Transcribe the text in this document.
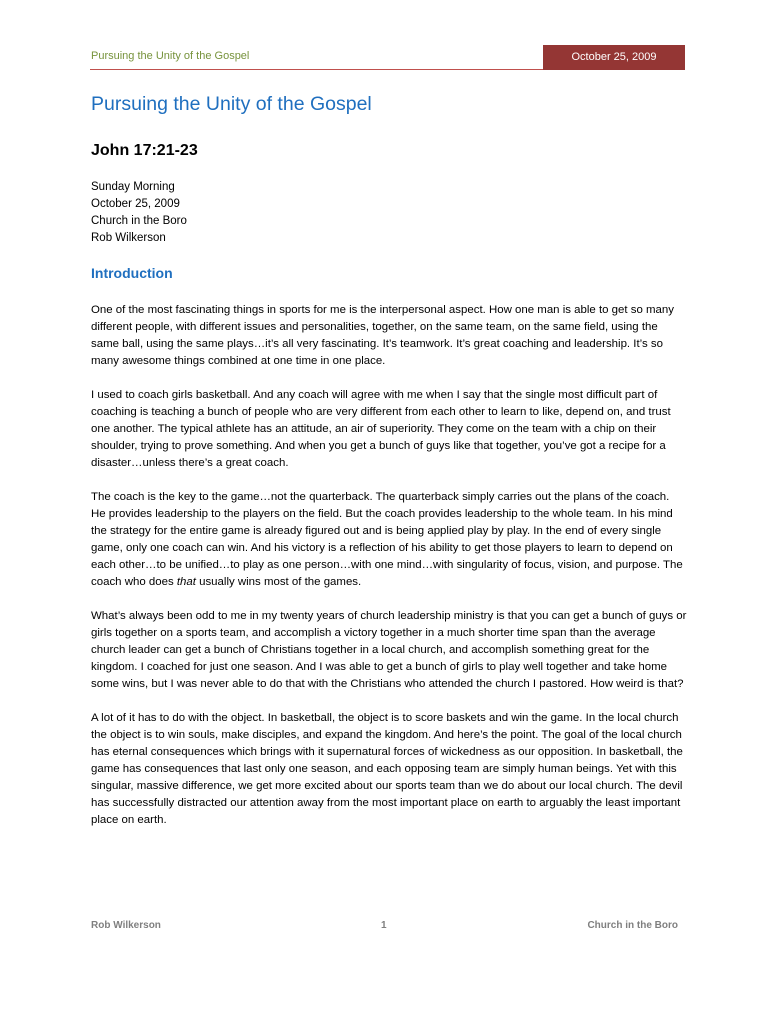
Pursuing the Unity of the Gospel	October 25, 2009
Pursuing the Unity of the Gospel
John 17:21-23
Sunday Morning
October 25, 2009
Church in the Boro
Rob Wilkerson
Introduction

One of the most fascinating things in sports for me is the interpersonal aspect. How one man is able to get so many different people, with different issues and personalities, together, on the same team, on the same field, using the same ball, using the same plays…it’s all very fascinating. It’s teamwork. It’s great coaching and leadership. It’s so many awesome things combined at one time in one place.

I used to coach girls basketball. And any coach will agree with me when I say that the single most difficult part of coaching is teaching a bunch of people who are very different from each other to learn to like, depend on, and trust one another. The typical athlete has an attitude, an air of superiority. They come on the team with a chip on their shoulder, trying to prove something. And when you get a bunch of guys like that together, you’ve got a recipe for a disaster…unless there’s a great coach.

The coach is the key to the game…not the quarterback. The quarterback simply carries out the plans of the coach. He provides leadership to the players on the field. But the coach provides leadership to the whole team. In his mind the strategy for the entire game is already figured out and is being applied play by play. In the end of every single game, only one coach can win. And his victory is a reflection of his ability to get those players to learn to depend on each other…to be unified…to play as one person…with one mind…with singularity of focus, vision, and purpose. The coach who does that usually wins most of the games.

What’s always been odd to me in my twenty years of church leadership ministry is that you can get a bunch of guys or girls together on a sports team, and accomplish a victory together in a much shorter time span than the average church leader can get a bunch of Christians together in a local church, and accomplish something great for the kingdom. I coached for just one season. And I was able to get a bunch of girls to play well together and take home some wins, but I was never able to do that with the Christians who attended the church I pastored. How weird is that?

A lot of it has to do with the object. In basketball, the object is to score baskets and win the game. In the local church the object is to win souls, make disciples, and expand the kingdom. And here’s the point. The goal of the local church has eternal consequences which brings with it supernatural forces of wickedness as our opposition. In basketball, the game has consequences that last only one season, and each opposing team are simply human beings. Yet with this singular, massive difference, we get more excited about our sports team than we do about our local church. The devil has successfully distracted our attention away from the most important place on earth to arguably the least important place on earth.

Rob Wilkerson	1	Church in the Boro
